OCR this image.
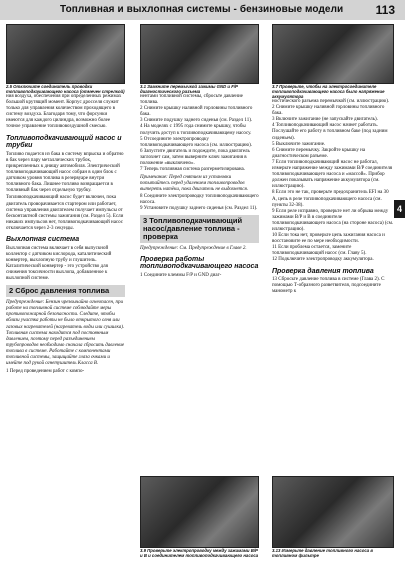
Топливная и выхлопная системы - бензиновые модели	113
4
2.5 Отключите соединитель проводки топливоподкачивающего насоса (отмечен стрелкой)

ния воздуха, обеспечения при определенных режимах большой крутящий момент. Корпус дросселя служит только для управления количеством проходящего в систему воздуха. Благодаря тому, что форсунки имеются для каждого цилиндра, возможно более точное управление топливовоздушной смесью.

Топливоподкачивающий насос и трубки

Топливо подается из бака в систему впрыска и обратно в бак через пару металлических трубок, прикрепленных к днищу автомобиля. Электрический топливоподкачивающий насос собран в один блок с датчиком уровня топлива в резервуаре внутри топливного бака. Лишнее топливо возвращается в топливный бак через отдельную трубку.

Топливоподкачивающий насос будет включен, пока двигатель проворачивается стартером или работает, система управления двигателем получает импульсы от бесконтактной системы зажигания (см. Раздел 5). Если никаких импульсов нет, топливоподкачивающий насос отключается через 2-3 секунды.

Выхлопная система

Выхлопная система включает в себя выпускной коллектор с датчиком кислорода, каталитический конвертер, выхлопную трубу и глушитель.

Каталитический конвертер - это устройство для снижения токсичности выхлопа, добавленное к выхлопной системе.

2 Сброс давления топлива

Предупреждение: Бензин чрезвычайно огнеопасен, при работе на топливной системе соблюдайте меры противопожарной безопасности. Следите, чтобы вблизи участка работы не было открытого огня или газовых нагревателей (нагреватель воды или сушилка). Топливная система находится под постоянным давлением, поэтому перед разъединением трубопроводов необходимо сначала сбросить давление топлива в системе. Работайте с компонентами топливной системы, защищайте глаза очками и имейте под рукой огнетушитель Класса B.

1 Перед проведением работ с компо-

3.1 Замкните перемычкой зажимы GND и F/P диагностического разъема

нентами топливной системы, сбросьте давление топлива.

2 Снимите крышку наливной горловины топливного бака.

3 Снимите подушку заднего сиденья (см. Раздел 11).

4 На моделях с 1995 года снимите крышку, чтобы получить доступ к топливоподкачивающему насосу.

5 Отсоедините электропроводку топливоподкачивающего насоса (см. иллюстрацию).

6 Запустите двигатель и подождите, пока двигатель заглохнет сам, затем выверните ключ зажигания в положение «выключено».

7 Теперь топливная система разгерметизирована.

Примечание: Перед снятием из установки попытайтесь перед удалением топливопроводов вытереть натёки, пока двигатель не выдохнется.

8 Соедините электропроводку топливоподкачивающего насоса.

9 Установите подушку заднего сиденья (см. Раздел 11).

3 Топливоподкачивающий насос/давление топлива - проверка

Предупреждение: См. Предупреждение в Главе 2.

Проверка работы топливоподкачивающего насоса

1 Соедините клеммы F/P и GND диаг-

3.9 Проверьте электропроводку между зажимами B/P и B и соединителем топливоподкачивающего насоса
3.7 Проверьте, чтобы на электросоединителе топливоподкачивающего насоса было напряжение аккумулятора

ностического разъема перемычкой (см. иллюстрацию).

2 Снимите крышку наливной горловины топливного бака.

3 Включите зажигание (не запускайте двигатель).

4 Топливоподкачивающий насос начнет работать. Послушайте его работу в топливном баке (под задним сиденьем).

5 Выключите зажигание.

6 Снимите перемычку. Закройте крышку на диагностическом разъеме.

7 Если топливоподкачивающий насос не работал, измерьте напряжение между зажимами B/P соединителя топливоподкачивающего насоса и «массой». Прибор должен показывать напряжение аккумулятора (см. иллюстрацию).

8 Если это не так, проверьте предохранитель EFI на 30 А, цепь в реле топливоподкачивающего насоса (см. пункты 32-38).

9 Если реле исправно, проверьте нет ли обрыва между зажимами B/P и B в соединителе топливоподкачивающего насоса (на стороне насоса) (см. иллюстрацию).

10 Если тока нет, проверьте цепь зажигания насоса и восстановите ее по мере необходимости.

11 Если проблема остается, замените топливоподкачивающий насос (см. Главу 5).

12 Подключите электропроводку аккумулятора.

Проверка давления топлива

13 Сбросьте давление топлива в системе (Глава 2). С помощью Т-образного разветвителя, подсоедините манометр к

3.13 Измерьте давление топливного насоса в топливном фильтре
